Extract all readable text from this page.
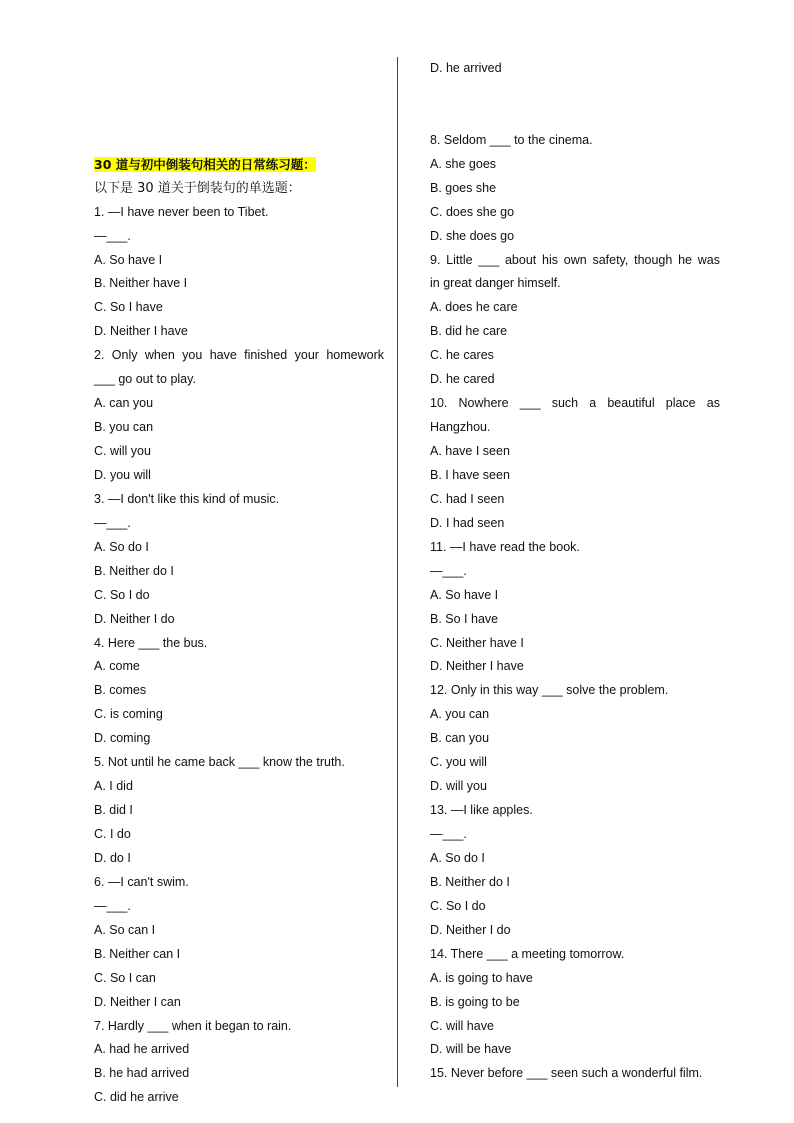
30 道与初中倒装句相关的日常练习题：
以下是 30 道关于倒装句的单选题：
1. —I have never been to Tibet.
—___.
A. So have I
B. Neither have I
C. So I have
D. Neither I have
2. Only when you have finished your homework
___ go out to play.
A. can you
B. you can
C. will you
D. you will
3. —I don't like this kind of music.
—___.
A. So do I
B. Neither do I
C. So I do
D. Neither I do
4. Here ___ the bus.
A. come
B. comes
C. is coming
D. coming
5. Not until he came back ___ know the truth.
A. I did
B. did I
C. I do
D. do I
6. —I can't swim.
—___.
A. So can I
B. Neither can I
C. So I can
D. Neither I can
7. Hardly ___ when it began to rain.
A. had he arrived
B. he had arrived
C. did he arrive
D. he arrived
8. Seldom ___ to the cinema.
A. she goes
B. goes she
C. does she go
D. she does go
9. Little ___ about his own safety, though he was
in great danger himself.
A. does he care
B. did he care
C. he cares
D. he cared
10. Nowhere ___ such a beautiful place as
Hangzhou.
A. have I seen
B. I have seen
C. had I seen
D. I had seen
11. —I have read the book.
—___.
A. So have I
B. So I have
C. Neither have I
D. Neither I have
12. Only in this way ___ solve the problem.
A. you can
B. can you
C. you will
D. will you
13. —I like apples.
—___.
A. So do I
B. Neither do I
C. So I do
D. Neither I do
14. There ___ a meeting tomorrow.
A. is going to have
B. is going to be
C. will have
D. will be have
15. Never before ___ seen such a wonderful film.
